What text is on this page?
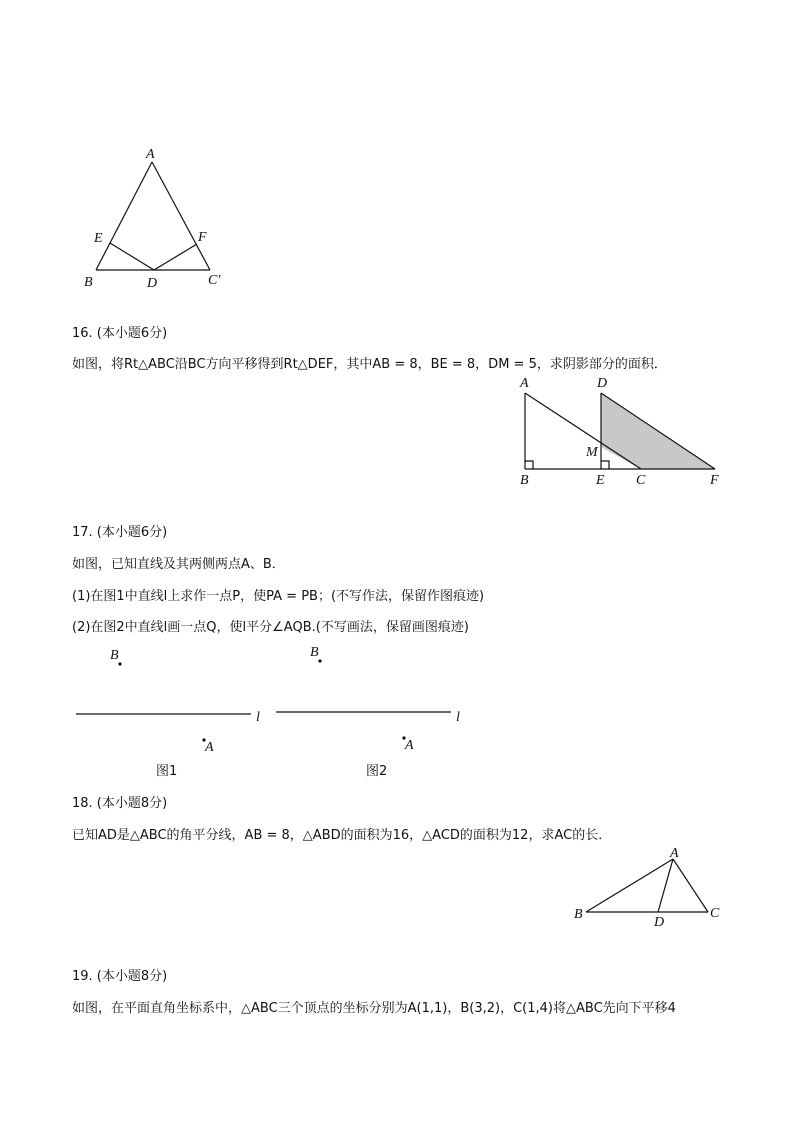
A
E	F
B	D	C'
A	D
M
B	E C	F
B
l
A
图1
B
l
A
图2
A
B
D
C
16. (本小题6分)
如图，将Rt△ABC沿BC方向平移得到Rt△DEF，其中AB = 8，BE = 8，DM = 5，求阴影部分的面积．
17. (本小题6分)
如图，已知直线及其两侧两点A、B．
(1)在图1中直线l上求作一点P，使PA = PB；(不写作法，保留作图痕迹)
(2)在图2中直线l画一点Q，使l平分∠AQB.(不写画法，保留画图痕迹)
18. (本小题8分)
已知AD是△ABC的角平分线，AB = 8，△ABD的面积为16，△ACD的面积为12，求AC的长．
19. (本小题8分)
如图，在平面直角坐标系中，△ABC三个顶点的坐标分别为A(1,1)，B(3,2)，C(1,4)将△ABC先向下平移4
